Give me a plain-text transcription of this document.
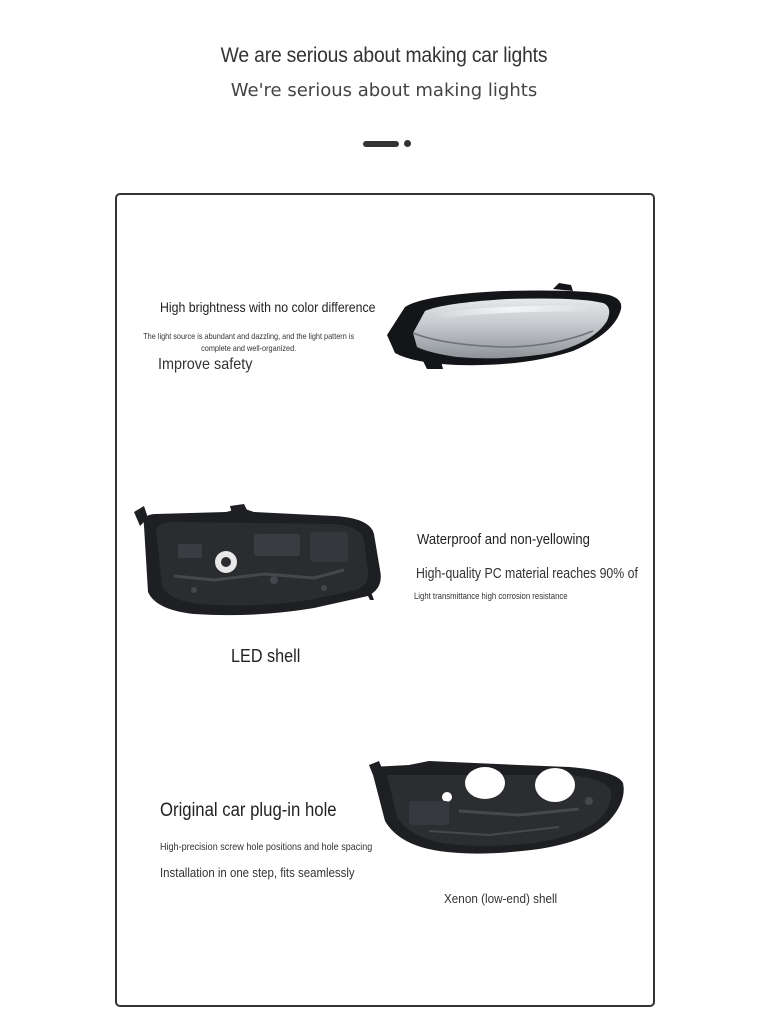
We are serious about making car lights
We're serious about making lights

High brightness with no color difference

The light source is abundant and dazzling, and the light pattern is complete and well-organized.

Improve safety

Waterproof and non-yellowing

High-quality PC material reaches 90% of

Light transmittance high corrosion resistance

LED shell

Original car plug-in hole

High-precision screw hole positions and hole spacing

Installation in one step, fits seamlessly

Xenon (low-end) shell
